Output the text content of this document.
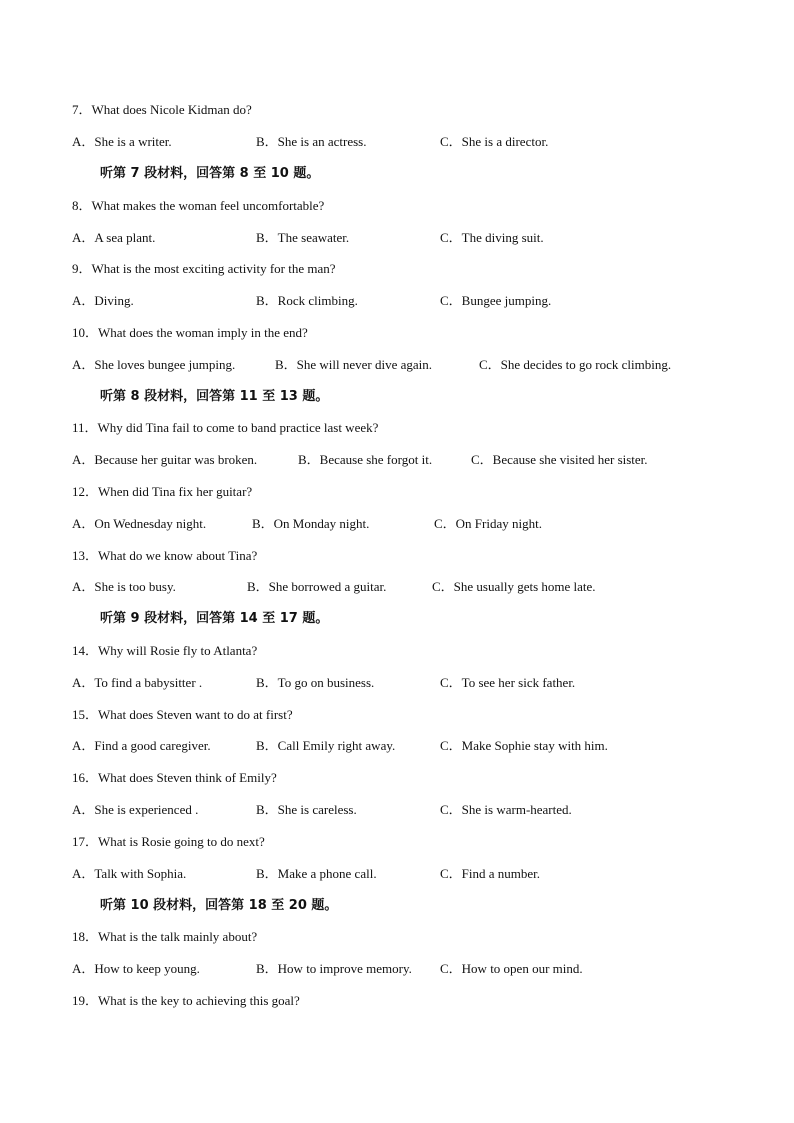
7．What does Nicole Kidman do?
A．She is a writer.	B．She is an actress.	C．She is a director.
听第 7 段材料，回答第 8 至 10 题。
8．What makes the woman feel uncomfortable?
A．A sea plant.	B．The seawater.	C．The diving suit.
9．What is the most exciting activity for the man?
A．Diving.	B．Rock climbing.	C．Bungee jumping.
10．What does the woman imply in the end?
A．She loves bungee jumping.	B．She will never dive again.	C．She decides to go rock climbing.
听第 8 段材料，回答第 11 至 13 题。
11．Why did Tina fail to come to band practice last week?
A．Because her guitar was broken.	B．Because she forgot it.	C．Because she visited her sister.
12．When did Tina fix her guitar?
A．On Wednesday night.	B．On Monday night.	C．On Friday night.
13．What do we know about Tina?
A．She is too busy.	B．She borrowed a guitar.	C．She usually gets home late.
听第 9 段材料，回答第 14 至 17 题。
14．Why will Rosie fly to Atlanta?
A．To find a babysitter .	B．To go on business.	C．To see her sick father.
15．What does Steven want to do at first?
A．Find a good caregiver.	B．Call Emily right away.	C．Make Sophie stay with him.
16．What does Steven think of Emily?
A．She is experienced .	B．She is careless.	C．She is warm-hearted.
17．What is Rosie going to do next?
A．Talk with Sophia.	B．Make a phone call.	C．Find a number.
听第 10 段材料，回答第 18 至 20 题。
18．What is the talk mainly about?
A．How to keep young.	B．How to improve memory. C．How to open our mind.
19．What is the key to achieving this goal?
